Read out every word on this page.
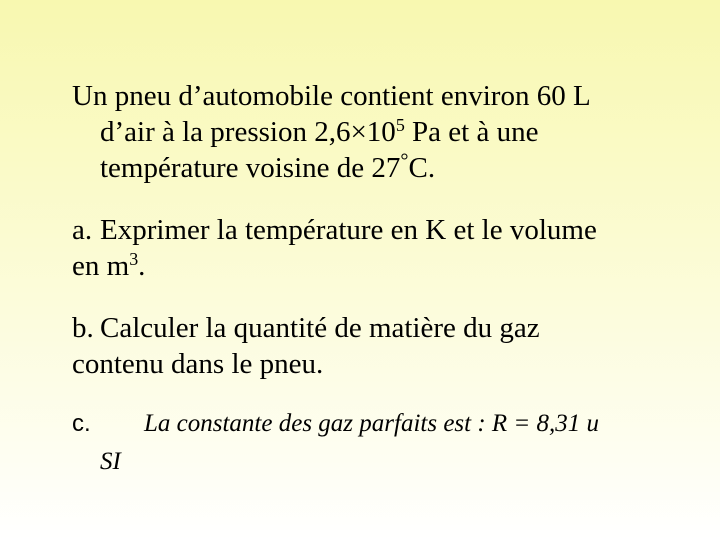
Un pneu d’automobile contient environ 60 L
d’air à la pression $2,6\times 10^5$ Pa et à une
température voisine de 27°C.
a. Exprimer la température en K et le volume
en $m^3$.
b. Calculer la quantité de matière du gaz
contenu dans le pneu.
c. La constante des gaz parfaits est : R = 8,31 u
SI
